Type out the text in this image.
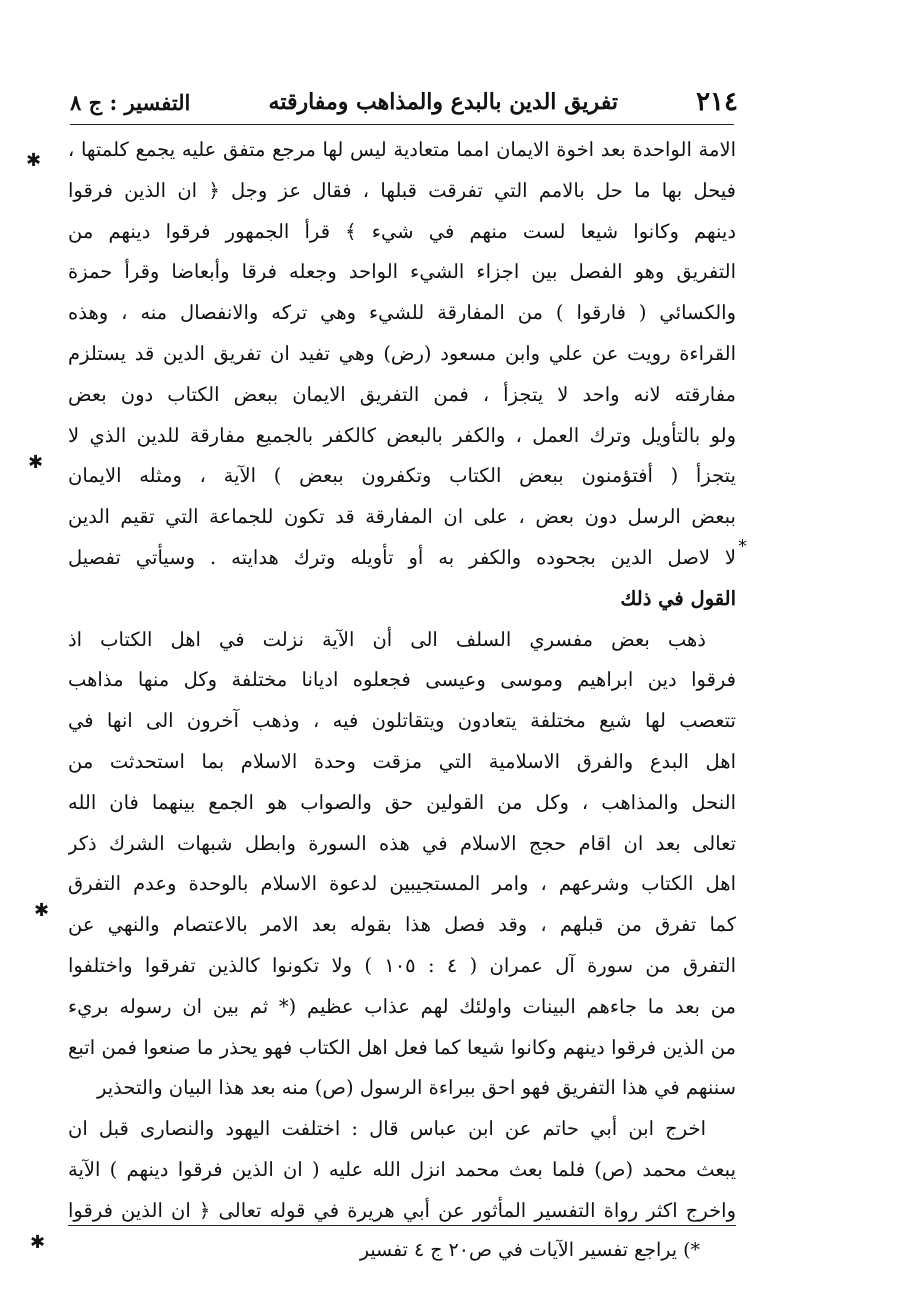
٢١٤
تفريق الدين بالبدع والمذاهب ومفارقته
التفسير : ج ٨
الامة الواحدة بعد اخوة الايمان امما متعادية ليس لها مرجع متفق عليه يجمع كلمتها ،
فيحل بها ما حل بالامم التي تفرقت قبلها ، فقال عز وجل ﴿ ان الذين فرقوا
دينهم وكانوا شيعا لست منهم في شيء ﴾ قرأ الجمهور فرقوا دينهم من
التفريق وهو الفصل بين اجزاء الشيء الواحد وجعله فرقا وأبعاضا وقرأ حمزة
والكسائي ( فارقوا ) من المفارقة للشيء وهي تركه والانفصال منه ، وهذه
القراءة رويت عن علي وابن مسعود (رض) وهي تفيد ان تفريق الدين قد يستلزم
مفارقته لانه واحد لا يتجزأ ، فمن التفريق الايمان ببعض الكتاب دون بعض
ولو بالتأويل وترك العمل ، والكفر بالبعض كالكفر بالجميع مفارقة للدين الذي لا
يتجزأ ( أفتؤمنون ببعض الكتاب وتكفرون ببعض ) الآية ، ومثله الايمان
ببعض الرسل دون بعض ، على ان المفارقة قد تكون للجماعة التي تقيم الدين
لا لاصل الدين بجحوده والكفر به أو تأويله وترك هدايته . وسيأتي تفصيل
القول في ذلك
ذهب بعض مفسري السلف الى أن الآية نزلت في اهل الكتاب اذ
فرقوا دين ابراهيم وموسى وعيسى فجعلوه اديانا مختلفة وكل منها مذاهب
تتعصب لها شيع مختلفة يتعادون ويتقاتلون فيه ، وذهب آخرون الى انها في
اهل البدع والفرق الاسلامية التي مزقت وحدة الاسلام بما استحدثت من
النحل والمذاهب ، وكل من القولين حق والصواب هو الجمع بينهما فان الله
تعالى بعد ان اقام حجج الاسلام في هذه السورة وابطل شبهات الشرك ذكر
اهل الكتاب وشرعهم ، وامر المستجيبين لدعوة الاسلام بالوحدة وعدم التفرق
كما تفرق من قبلهم ، وقد فصل هذا بقوله بعد الامر بالاعتصام والنهي عن
التفرق من سورة آل عمران ( ٤ : ١٠٥ ) ولا تكونوا كالذين تفرقوا واختلفوا
من بعد ما جاءهم البينات واولئك لهم عذاب عظيم (* ثم بين ان رسوله بريء
من الذين فرقوا دينهم وكانوا شيعا كما فعل اهل الكتاب فهو يحذر ما صنعوا فمن اتبع
سننهم في هذا التفريق فهو احق ببراءة الرسول (ص) منه بعد هذا البيان والتحذير
اخرج ابن أبي حاتم عن ابن عباس قال : اختلفت اليهود والنصارى قبل ان
يبعث محمد (ص) فلما بعث محمد انزل الله عليه ( ان الذين فرقوا دينهم ) الآية
واخرج اكثر رواة التفسير المأثور عن أبي هريرة في قوله تعالى ﴿ ان الذين فرقوا
*) يراجع تفسير الآيات في ص٢٠ ج ٤ تفسير
✱
✱
✱
✱
*
